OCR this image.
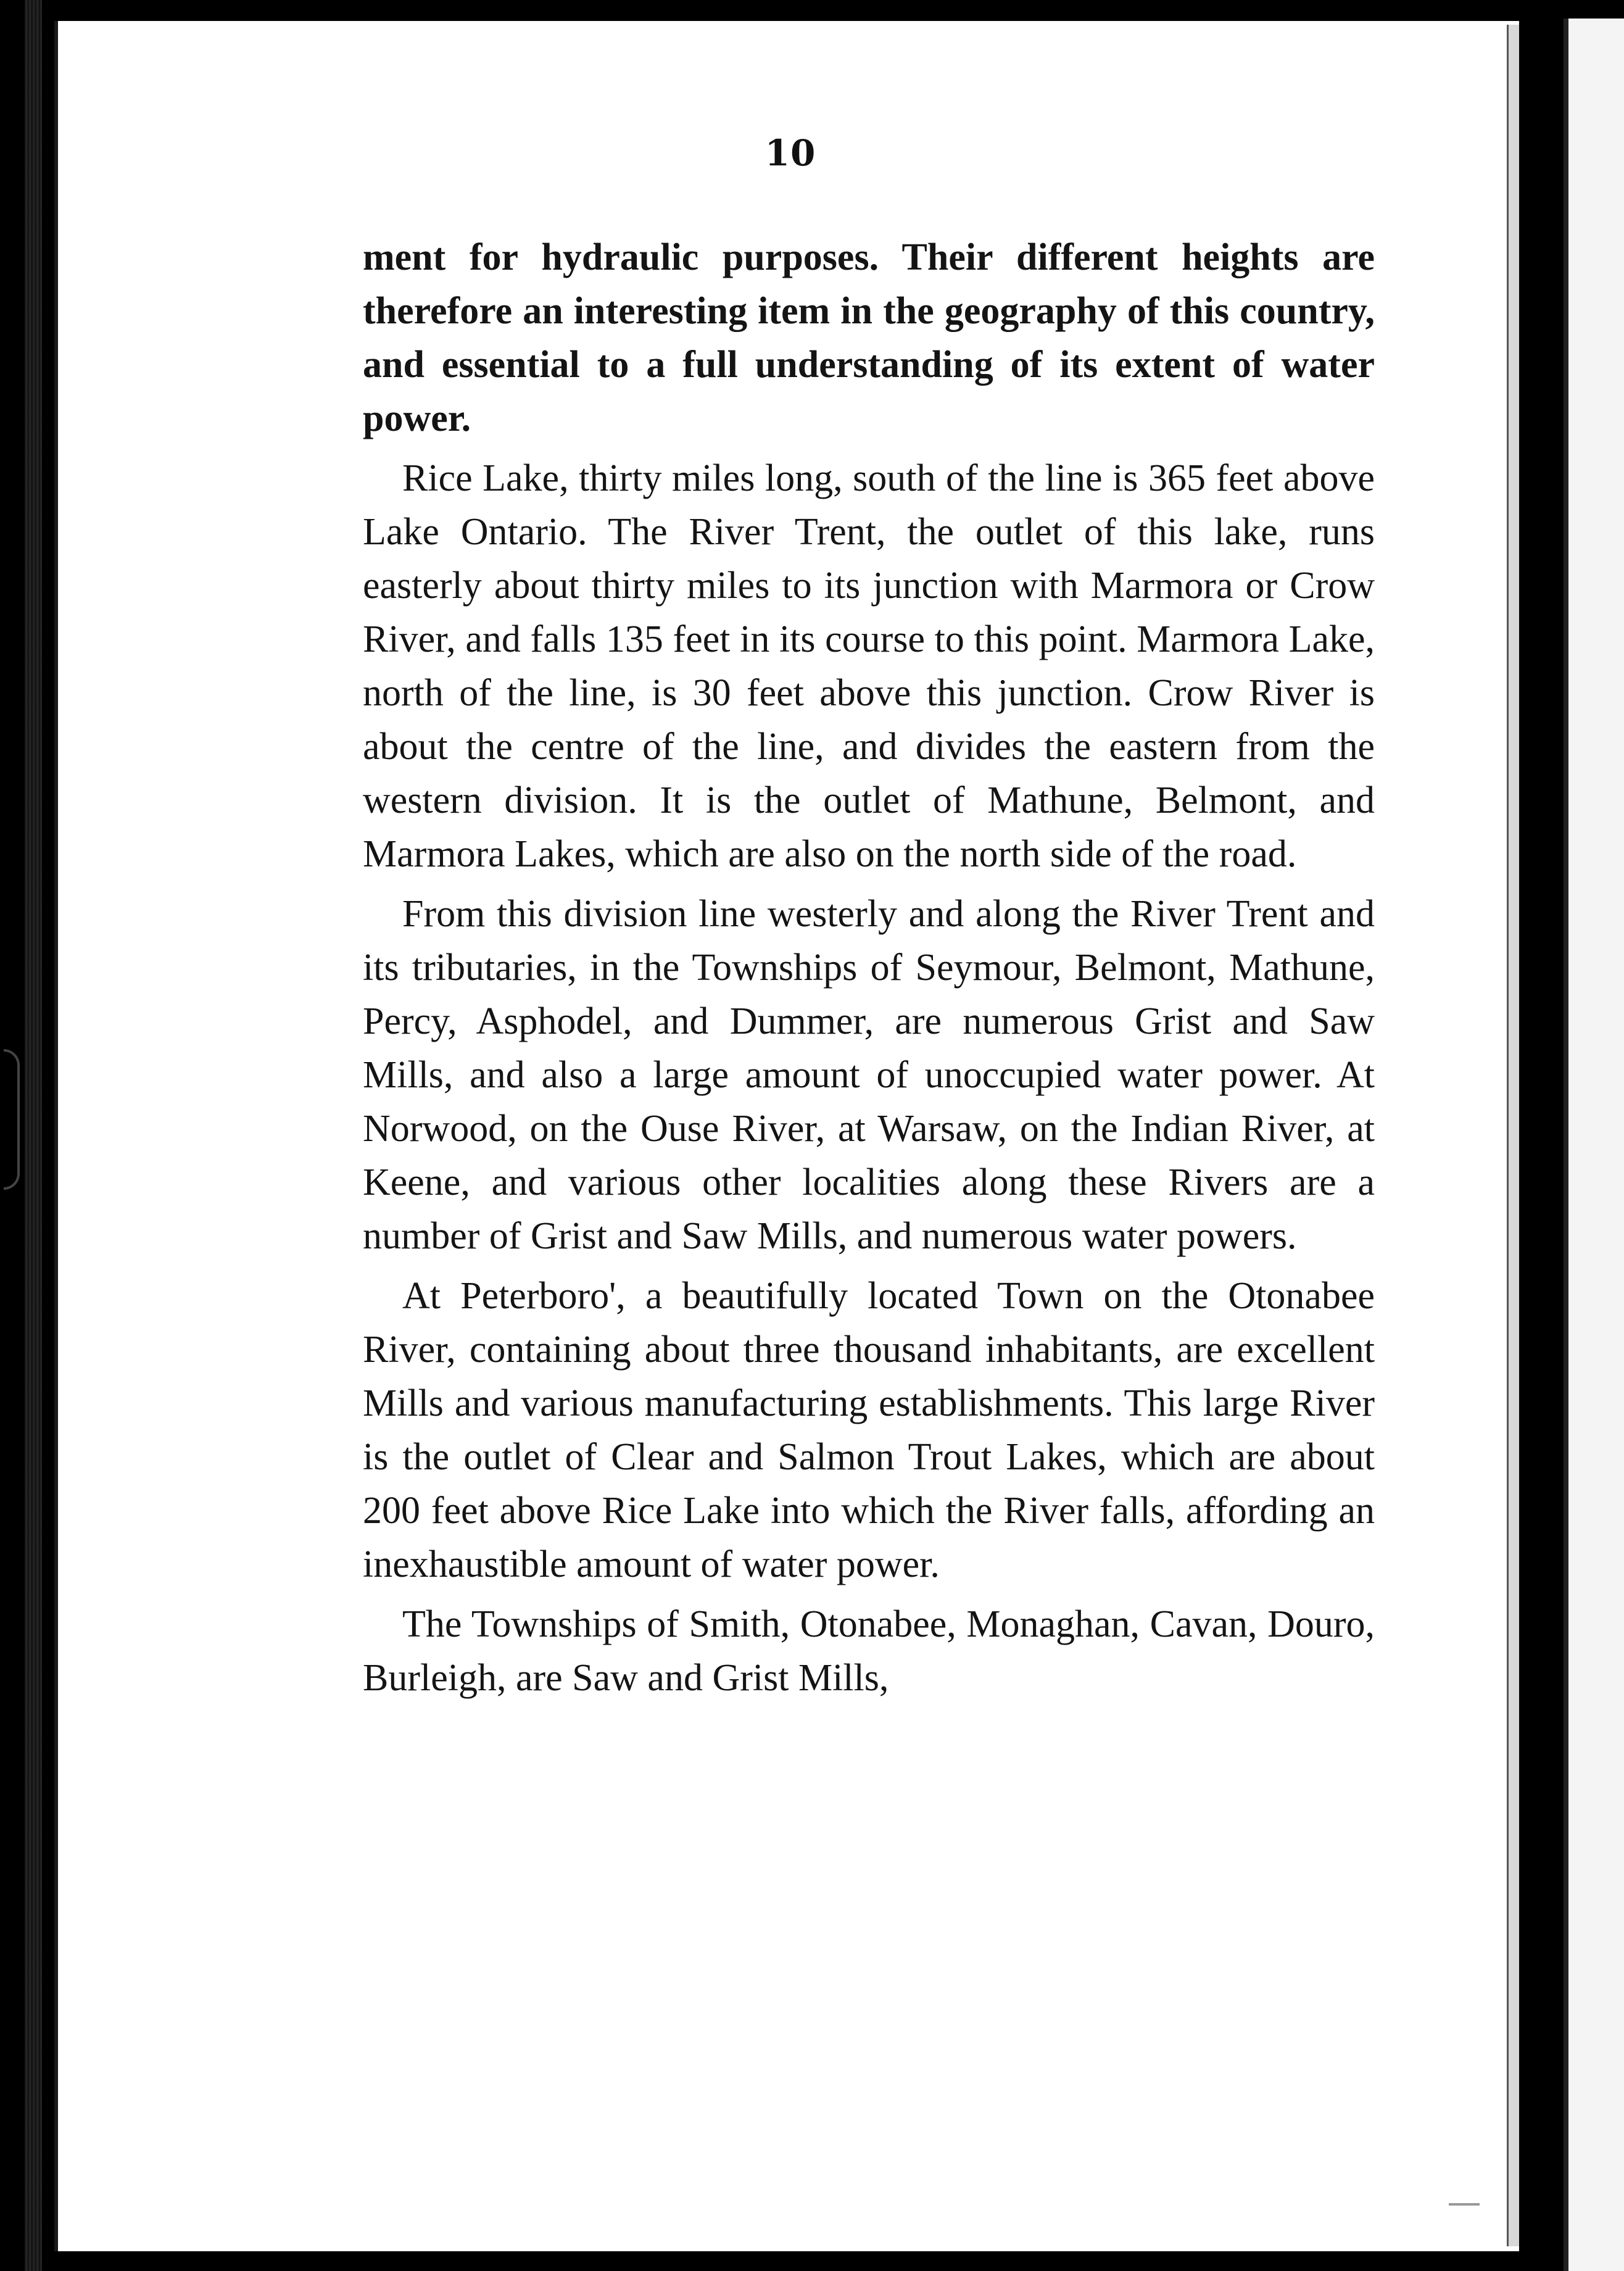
10

ment for hydraulic purposes. Their different heights are therefore an interesting item in the geography of this country, and essential to a full understanding of its extent of water power.

Rice Lake, thirty miles long, south of the line is 365 feet above Lake Ontario. The River Trent, the outlet of this lake, runs easterly about thirty miles to its junction with Marmora or Crow River, and falls 135 feet in its course to this point. Marmora Lake, north of the line, is 30 feet above this junction. Crow River is about the centre of the line, and divides the eastern from the western division. It is the outlet of Mathune, Belmont, and Marmora Lakes, which are also on the north side of the road.

From this division line westerly and along the River Trent and its tributaries, in the Townships of Seymour, Belmont, Mathune, Percy, Asphodel, and Dummer, are numerous Grist and Saw Mills, and also a large amount of unoccupied water power. At Norwood, on the Ouse River, at Warsaw, on the Indian River, at Keene, and various other localities along these Rivers are a number of Grist and Saw Mills, and numerous water powers.

At Peterboro', a beautifully located Town on the Otonabee River, containing about three thousand inhabitants, are excellent Mills and various manufacturing establishments. This large River is the outlet of Clear and Salmon Trout Lakes, which are about 200 feet above Rice Lake into which the River falls, affording an inexhaustible amount of water power.

The Townships of Smith, Otonabee, Monaghan, Cavan, Douro, Burleigh, are Saw and Grist Mills,
